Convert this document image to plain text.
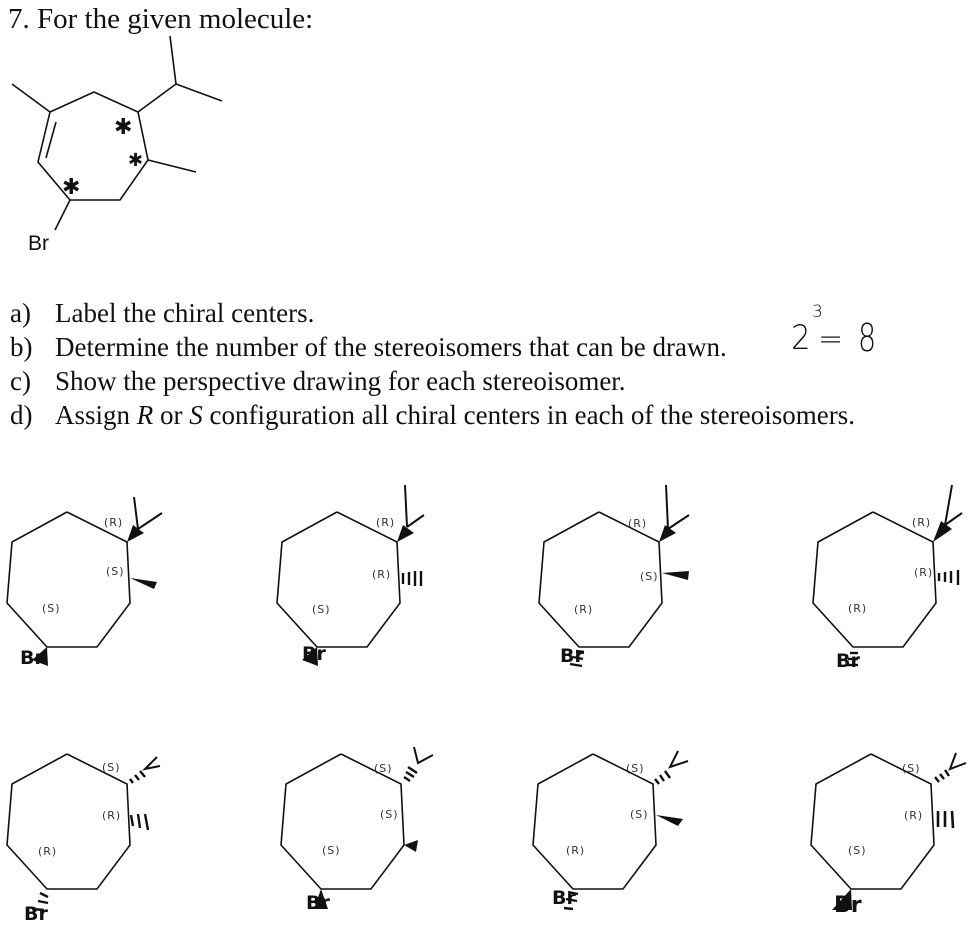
7. For the given molecule:
✱
✱
✱
Br
a) Label the chiral centers.
b) Determine the number of the stereoisomers that can be drawn.
c) Show the perspective drawing for each stereoisomer.
d) Assign R or S configuration all chiral centers in each of the stereoisomers.
2
3
= 8
(R)
(S)
(S)
Br
(R)
(R)
(S)
Br
(R)
(S)
(R)
Br
(R)
(R)
(R)
Br
(S)
(R)
(R)
Br
(S)
(S)
(S)
Br
(S)
(S)
(R)
Br
(S)
(R)
(S)
Br
